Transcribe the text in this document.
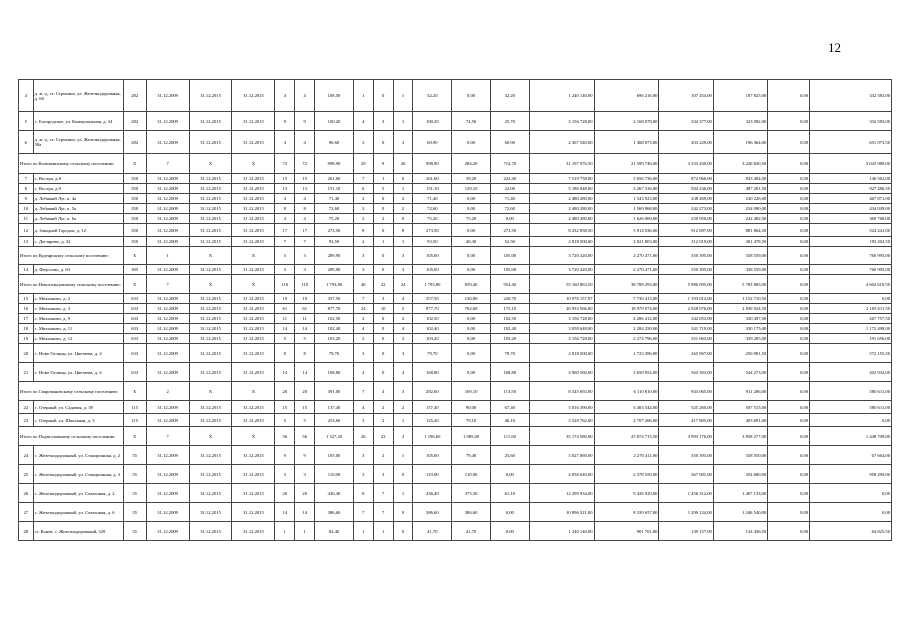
12
4	д. ж.-д. ст. Строкино, ул. Железнодорожная, д. 60	282	31.12.2009	31.12.2015	31.12.2015	4	4	108,50	1	0	1	32,20	0,00	32,20	1 240 140,00	696 216,00	107 454,00	107 825,00	0,00	332 583,00
5	с. Богородское, ул. Коммунальная, д. 34	282	31.12.2009	31.12.2015	31.12.2015	9	9	100,20	4	3	1	100,20	74,50	25,70	3 156 728,00	2 168 078,00	334 377,00	323 082,00	0,00	332 583,00
6	д. ж.-д. ст. Строкино, ул. Железнодорожная, 58а	282	31.12.2009	31.12.2015	31.12.2015	4	4	96,60	3	0	3	60,90	0,00	60,90	2 367 540,00	1 368 873,00	203 229,00	196 364,00	0,00	651 073,50
Итого по Колпакинскому сельскому поселению:		X	7	X	X	72	72	998,90	29	9	20	998,90	284,20	714,70	31 197 976,50	21 599 746,00	3 333 430,00	3 220 820,50	0,00	3 043 980,00
7	с. Вострa, д.8	350	31.12.2009	31.12.2015	31.12.2015	15	15	261,60	7	1	6	261,60	39,20	222,40	7 519 758,00	5 656 736,00	872 966,00	843 494,00	0,00	146 562,00
8	с. Вострa, д.9	350	31.12.2009	31.12.2015	31.12.2015	13	13	151,10	6	5	1	151,10	129,10	22,00	5 186 048,00	3 267 316,00	504 236,00	487 201,50	0,00	927 286,50
9	д. Лебяжий Луг, п. 4а	350	31.12.2009	31.12.2015	31.12.2015	4	4	71,40	2	0	2	71,40	0,00	71,40	2 480 280,00	1 543 923,00	238 269,00	230 226,00	0,00	467 871,00
10	д. Лебяжий Луг, п. 5а	350	31.12.2009	31.12.2015	31.12.2015	8	8	72,60	2	0	2	72,60	0,00	72,60	2 480 280,00	1 569 868,00	242 273,00	234 090,00	0,00	434 049,00
11	д. Лебяжий Луг, п. 6а	350	31.12.2009	31.12.2015	31.12.2015	4	4	75,20	2	2	0	75,20	75,20	0,00	2 480 280,00	1 626 069,00	250 950,00	242 482,00	0,00	360 768,00
12	д. Заводной Городок, д. 12	350	31.12.2009	31.12.2015	31.12.2015	17	17	273,50	8	0	8	273,50	0,00	273,50	8 232 858,50	5 914 036,00	912 697,00	881 864,50	0,00	524 241,00
13	с. Дегтярево, д. 32	350	31.12.2009	31.12.2015	31.12.2015	7	7	93,50	2	1	1	93,50	40,30	52,50	2 818 500,00	2 021 803,00	312 019,00	301 478,50	0,00	183 202,50
Итого по Кудеярскому сельскому поселению:		X	1	X	X	3	3	289,90	3	0	3	105,00	0,00	105,00	3 720 420,00	2 270 471,00	350 395,00	338 559,00	0,00	760 995,00
14	д. Федосово, д. 63	305	31.12.2009	31.12.2015	31.12.2015	3	3	289,90	3	0	3	105,00	0,00	105,00	3 720 420,00	2 270 471,00	350 395,00	338 559,00	0,00	760 995,00
Итого по Новотальцовскому сельскому поселению:		X	7	X	X	110	110	1 793,80	46	22	24	1 793,80	839,40	954,40	55 160 863,50	38 788 293,00	5 986 095,00	5 783 865,00	0,00	4 602 610,50
15	с. Михалково, д. 2	633	31.12.2009	31.12.2015	31.12.2015	19	19	357,50	7	3	4	357,50	136,80	220,70	10 076 157,97	7 730 413,00	1 193 014,00	1 152 710,50	0,00	0,00
16	с. Михалково, д. 3	633	31.12.2009	31.12.2015	31.12.2015	61	61	877,70	24	10	5	877,70	702,60	175,10	26 933 566,00	18 979 974,00	2 928 076,00	2 830 924,50	0,00	2 105 611,50
17	с. Михалково, д. 9	633	31.12.2009	31.12.2015	31.12.2015	11	11	102,50	2	0	2	102,50	0,00	102,50	3 156 728,00	2 286 412,00	342 053,00	330 497,50	0,00	267 757,50
18	с. Михалково, д. 11	633	31.12.2009	31.12.2015	31.12.2015	14	14	102,40	4	0	4	102,40	0,00	102,40	3 058 648,00	2 284 250,00	341 719,00	330 175,00	0,00	1 172 498,00
19	с. Михалково, д. 12	633	31.12.2009	31.12.2015	31.12.2015	5	5	103,20	2	0	2	103,20	0,00	103,20	3 156 728,00	2 274 796,00	351 063,00	339 205,00	0,00	191 656,00
20	с. Ново-Талицы, ул. Цветаева, д. 4	633	31.12.2009	31.12.2015	31.12.2015	8	8	79,70	3	0	3	79,70	0,00	79,70	2 818 500,00	1 723 396,00	265 967,00	256 981,50	0,00	572 155,50
21	с. Ново-Талицы, ул. Цветаева, д. 6	633	31.12.2009	31.12.2015	31.12.2015	14	14	168,80	4	0	4	168,80	0,00	168,80	4 960 560,00	3 650 052,00	563 303,00	544 273,00	0,00	202 932,00
Итого по Сваровановскому сельскому поселению:		X	2	X	X	20	20	391,00	7	4	3	282,60	169,10	113,50	8 545 692,00	6 110 810,00	943 065,00	911 206,00	0,00	580 611,00
22	с. Озерный, ул. Садовая, д. 39	115	31.12.2009	31.12.2015	31.12.2015	15	15	137,40	4	2	2	157,40	90,00	67,40	5 016 390,00	3 403 544,00	525 260,00	507 515,00	0,00	580 611,00
23	с. Озерный, ул. Школьная, д. 3	115	31.12.2009	31.12.2015	31.12.2015	5	5	253,60	3	2	1	125,20	79,10	46,10	3 528 762,00	2 707 266,00	417 805,00	403 691,00	0,00	0,00
Итого по Подмосковному сельскому поселению:		X	7	X	X	56	56	1 327,20	26	23	3	1 196,60	1 085,00	111,60	35 174 580,00	25 874 715,50	3 993 176,00	3 858 277,00	0,00	1 448 709,00
24	с. Железнодорожный, ул. Станционная, д. 2	55	31.12.2009	31.12.2015	31.12.2015	9	9	105,00	3	2	1	105,00	79,40	25,60	3 027 069,00	2 270 411,00	350 393,00	338 550,00	0,00	67 664,00
25	с. Железнодорожный, ул. Станционная, д. 3	55	31.12.2009	31.12.2015	31.12.2015	3	3	110,00	3	3	0	110,00	110,00	0,00	4 058 640,00	2 378 559,00	367 081,00	354 680,00	0,00	958 290,00
26	с. Железнодорожный, ул. Совхозная, д. 2	55	31.12.2009	31.12.2015	31.12.2015	20	20	436,40	8	7	1	436,40	375,30	61,10	12 299 934,00	9 436 929,00	1 456 312,00	1 407 133,00	0,00	0,00
27	с. Железнодорожный, ул. Совхозная, д. 6	55	31.12.2009	31.12.2015	31.12.2015	14	14	386,60	7	7	0	386,60	386,60	0,00	10 896 321,00	8 339 657,00	1 290 124,00	1 246 540,00	0,00	0,00
28	ст. Конев, с. Железнодорожный, 329	55	31.12.2009	31.12.2015	31.12.2015	1	1	82,40	1	1	0	41,70	41,70	0,00	1 240 140,00	901 701,00	139 157,00	134 436,50	0,00	64 825,50
